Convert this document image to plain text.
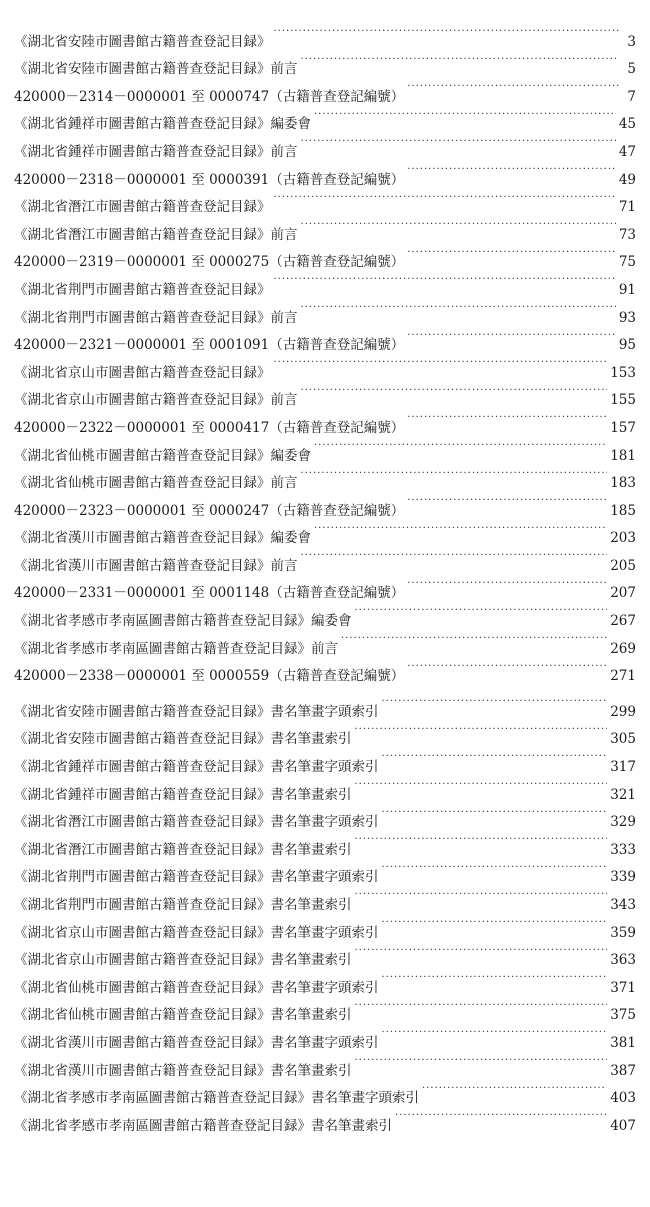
《湖北省安陸市圖書館古籍普查登記目録》 ·····	3
《湖北省安陸市圖書館古籍普查登記目録》前言 ·····	5
420000－2314－0000001 至 0000747（古籍普查登記編號） ·····	7
《湖北省鍾祥市圖書館古籍普查登記目録》編委會 ·····	45
《湖北省鍾祥市圖書館古籍普查登記目録》前言 ·····	47
420000－2318－0000001 至 0000391（古籍普查登記編號） ·····	49
《湖北省潛江市圖書館古籍普查登記目録》 ·····	71
《湖北省潛江市圖書館古籍普查登記目録》前言 ·····	73
420000－2319－0000001 至 0000275（古籍普查登記編號） ·····	75
《湖北省荆門市圖書館古籍普查登記目録》 ·····	91
《湖北省荆門市圖書館古籍普查登記目録》前言 ·····	93
420000－2321－0000001 至 0001091（古籍普查登記編號） ·····	95
《湖北省京山市圖書館古籍普查登記目録》 ·····	153
《湖北省京山市圖書館古籍普查登記目録》前言 ·····	155
420000－2322－0000001 至 0000417（古籍普查登記編號） ·····	157
《湖北省仙桃市圖書館古籍普查登記目録》編委會 ·····	181
《湖北省仙桃市圖書館古籍普查登記目録》前言 ·····	183
420000－2323－0000001 至 0000247（古籍普查登記編號） ·····	185
《湖北省漢川市圖書館古籍普查登記目録》編委會 ·····	203
《湖北省漢川市圖書館古籍普查登記目録》前言 ·····	205
420000－2331－0000001 至 0001148（古籍普查登記編號） ·····	207
《湖北省孝感市孝南區圖書館古籍普查登記目録》編委會 ·····	267
《湖北省孝感市孝南區圖書館古籍普查登記目録》前言 ·····	269
420000－2338－0000001 至 0000559（古籍普查登記編號） ·····	271
《湖北省安陸市圖書館古籍普查登記目録》書名筆畫字頭索引 ·····	299
《湖北省安陸市圖書館古籍普查登記目録》書名筆畫索引 ·····	305
《湖北省鍾祥市圖書館古籍普查登記目録》書名筆畫字頭索引 ·····	317
《湖北省鍾祥市圖書館古籍普查登記目録》書名筆畫索引 ·····	321
《湖北省潛江市圖書館古籍普查登記目録》書名筆畫字頭索引 ·····	329
《湖北省潛江市圖書館古籍普查登記目録》書名筆畫索引 ·····	333
《湖北省荆門市圖書館古籍普查登記目録》書名筆畫字頭索引 ·····	339
《湖北省荆門市圖書館古籍普查登記目録》書名筆畫索引 ·····	343
《湖北省京山市圖書館古籍普查登記目録》書名筆畫字頭索引 ·····	359
《湖北省京山市圖書館古籍普查登記目録》書名筆畫索引 ·····	363
《湖北省仙桃市圖書館古籍普查登記目録》書名筆畫字頭索引 ·····	371
《湖北省仙桃市圖書館古籍普查登記目録》書名筆畫索引 ·····	375
《湖北省漢川市圖書館古籍普查登記目録》書名筆畫字頭索引 ·····	381
《湖北省漢川市圖書館古籍普查登記目録》書名筆畫索引 ·····	387
《湖北省孝感市孝南區圖書館古籍普查登記目録》書名筆畫字頭索引 ·····	403
《湖北省孝感市孝南區圖書館古籍普查登記目録》書名筆畫索引 ·····	407
